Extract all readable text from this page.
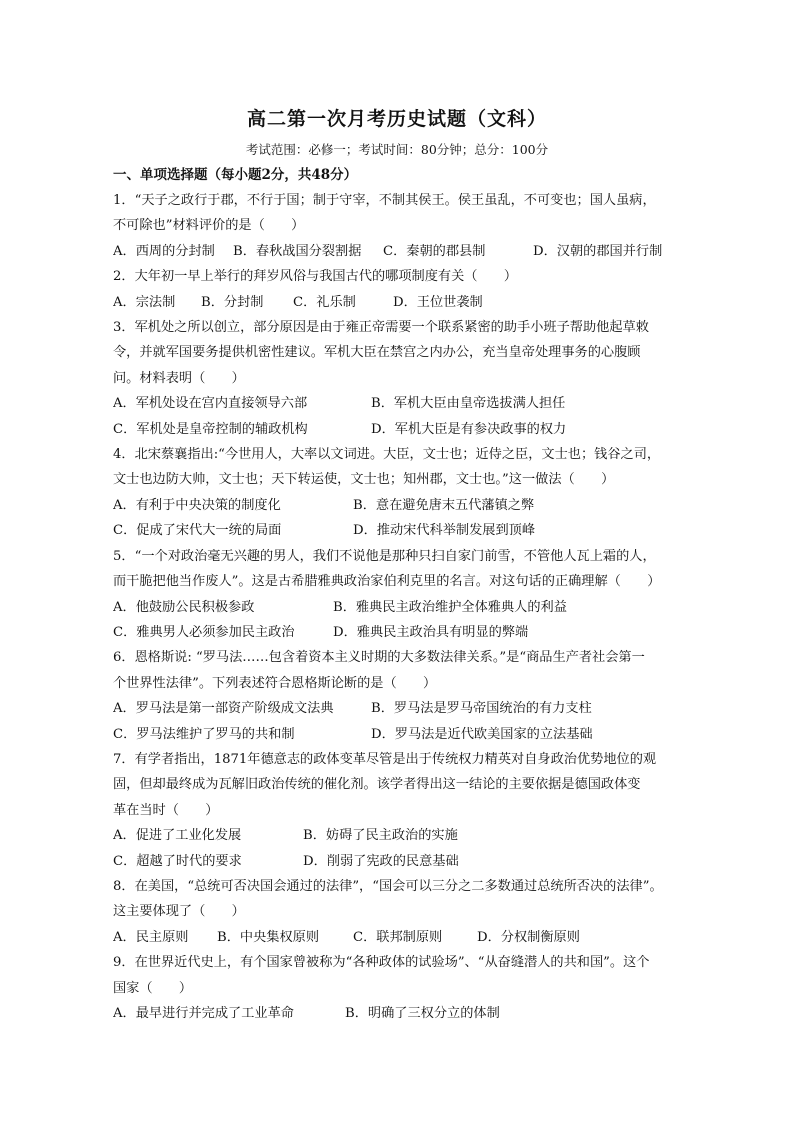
高二第一次月考历史试题（文科）
考试范围：必修一；考试时间：80分钟；总分：100分
一、单项选择题（每小题2分，共48分）

1．“天子之政行于郡，不行于国；制于守宰，不制其侯王。侯王虽乱，不可变也；国人虽病，

不可除也”材料评价的是（　　）

A．西周的分封制	B．春秋战国分裂割据	C．秦朝的郡县制	D．汉朝的郡国并行制

2．大年初一早上举行的拜岁风俗与我国古代的哪项制度有关（　　）

A．宗法制	B．分封制	C．礼乐制	D．王位世袭制

3．军机处之所以创立，部分原因是由于雍正帝需要一个联系紧密的助手小班子帮助他起草敕

令，并就军国要务提供机密性建议。军机大臣在禁宫之内办公，充当皇帝处理事务的心腹顾

问。材料表明（　　）

A．军机处设在宫内直接领导六部	B．军机大臣由皇帝选拔满人担任
C．军机处是皇帝控制的辅政机构	D．军机大臣是有参决政事的权力

4．北宋蔡襄指出:“今世用人，大率以文词进。大臣，文士也；近侍之臣，文士也；钱谷之司，

文士也边防大帅，文士也；天下转运使，文士也；知州郡，文士也。”这一做法（　　）

A．有利于中央决策的制度化	B．意在避免唐末五代藩镇之弊
C．促成了宋代大一统的局面	D．推动宋代科举制发展到顶峰

5．“一个对政治毫无兴趣的男人，我们不说他是那种只扫自家门前雪，不管他人瓦上霜的人，

而干脆把他当作废人”。这是古希腊雅典政治家伯利克里的名言。对这句话的正确理解（　　）

A．他鼓励公民积极参政	B．雅典民主政治维护全体雅典人的利益
C．雅典男人必须参加民主政治	D．雅典民主政治具有明显的弊端

6．恩格斯说: “罗马法……包含着资本主义时期的大多数法律关系。”是“商品生产者社会第一

个世界性法律”。下列表述符合恩格斯论断的是（　　）

A．罗马法是第一部资产阶级成文法典	B．罗马法是罗马帝国统治的有力支柱
C．罗马法维护了罗马的共和制	D．罗马法是近代欧美国家的立法基础

7．有学者指出，1871年德意志的政体变革尽管是出于传统权力精英对自身政治优势地位的观

固，但却最终成为瓦解旧政治传统的催化剂。该学者得出这一结论的主要依据是德国政体变

革在当时（　　）

A．促进了工业化发展	B．妨碍了民主政治的实施
C．超越了时代的要求	D．削弱了宪政的民意基础

8．在美国，“总统可否决国会通过的法律”，“国会可以三分之二多数通过总统所否决的法律”。

这主要体现了（　　）

A．民主原则	B．中央集权原则	C．联邦制原则	D．分权制衡原则

9．在世界近代史上，有个国家曾被称为“各种政体的试验场”、“从奋缝潜人的共和国”。这个

国家（　　）

A．最早进行并完成了工业革命	B．明确了三权分立的体制
